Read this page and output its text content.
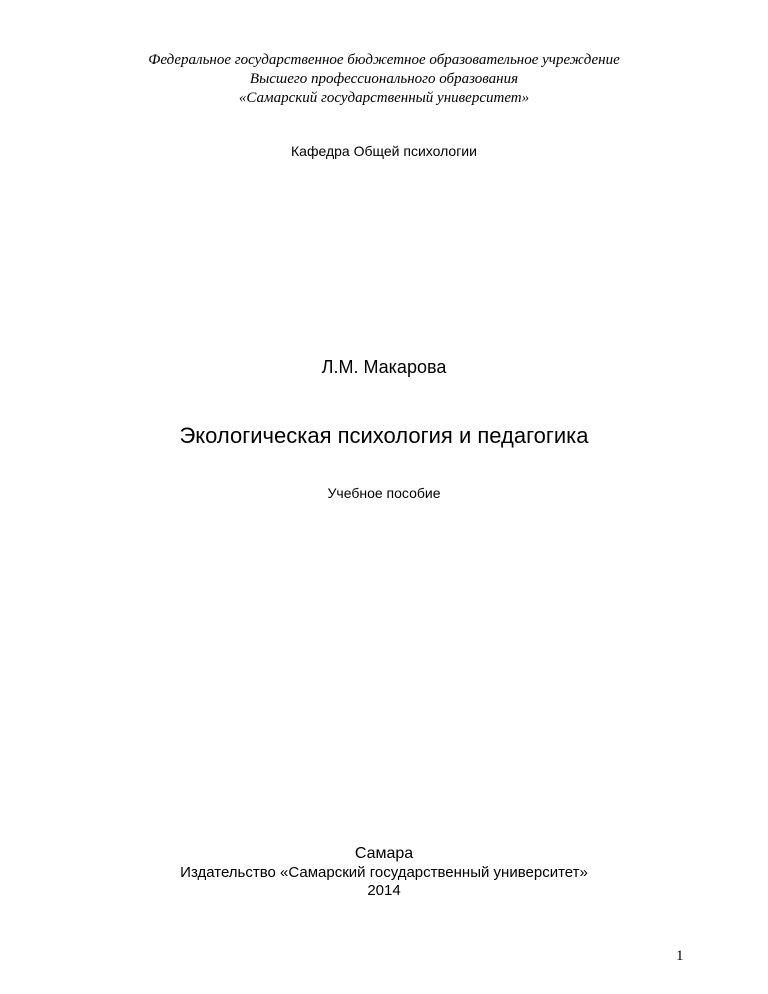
Федеральное государственное бюджетное образовательное учреждение
Высшего профессионального образования
«Самарский государственный университет»
Кафедра Общей психологии
Л.М. Макарова
Экологическая психология и педагогика
Учебное пособие
Самара
Издательство «Самарский государственный университет»
2014
1
